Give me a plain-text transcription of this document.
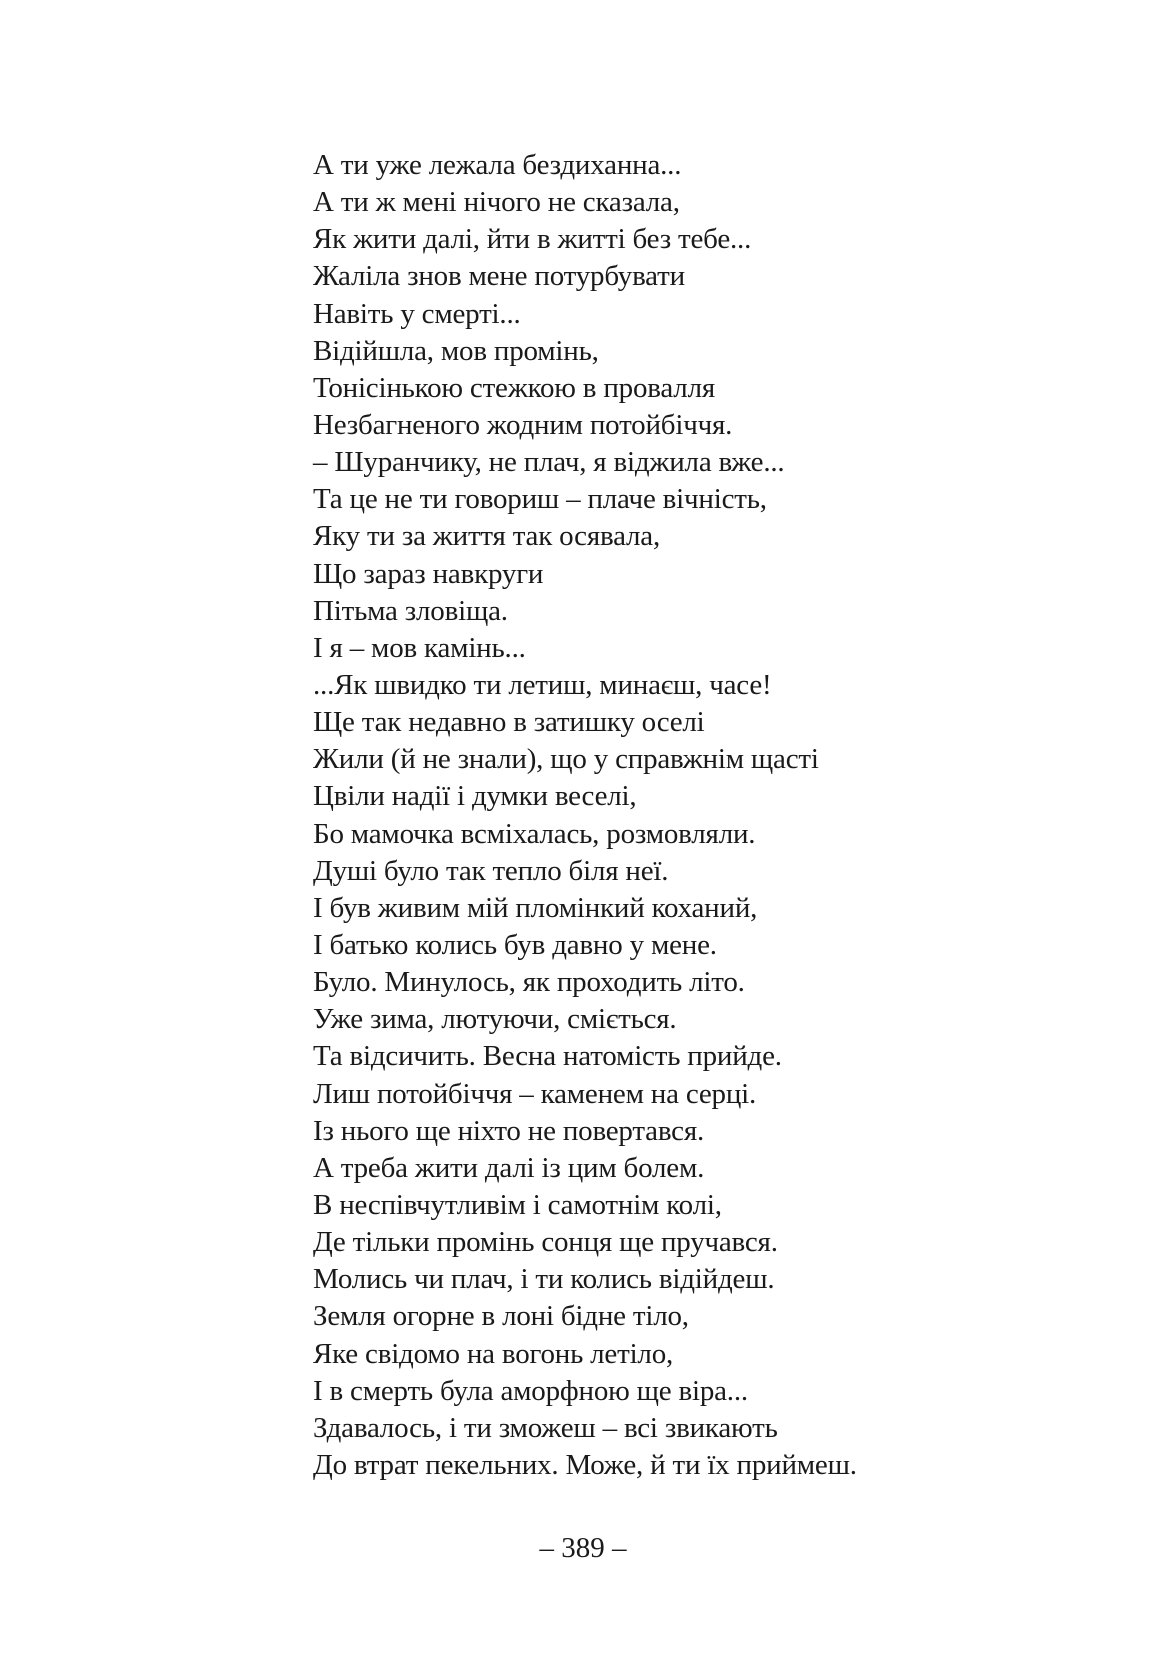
А ти уже лежала бездиханна...
А ти ж мені нічого не сказала,
Як жити далі, йти в житті без тебе...
Жаліла знов мене потурбувати
Навіть у смерті...
Відійшла, мов промінь,
Тонісінькою стежкою в провалля
Незбагненого жодним потойбіччя.
– Шуранчику, не плач, я віджила вже...
Та це не ти говориш – плаче вічність,
Яку ти за життя так осявала,
Що зараз навкруги
Пітьма зловіща.
І я – мов камінь...
...Як швидко ти летиш, минаєш, часе!
Ще так недавно в затишку оселі
Жили (й не знали), що у справжнім щасті
Цвіли надії і думки веселі,
Бо мамочка всміхалась, розмовляли.
Душі було так тепло біля неї.
І був живим мій пломінкий коханий,
І батько колись був давно у мене.
Було. Минулось, як проходить літо.
Уже зима, лютуючи, сміється.
Та відсичить. Весна натомість прийде.
Лиш потойбіччя – каменем на серці.
Із нього ще ніхто не повертався.
А треба жити далі із цим болем.
В неспівчутливім і самотнім колі,
Де тільки промінь сонця ще пручався.
Молись чи плач, і ти колись відійдеш.
Земля огорне в лоні бідне тіло,
Яке свідомо на вогонь летіло,
І в смерть була аморфною ще віра...
Здавалось, і ти зможеш – всі звикають
До втрат пекельних. Може, й ти їх приймеш.
– 389 –
